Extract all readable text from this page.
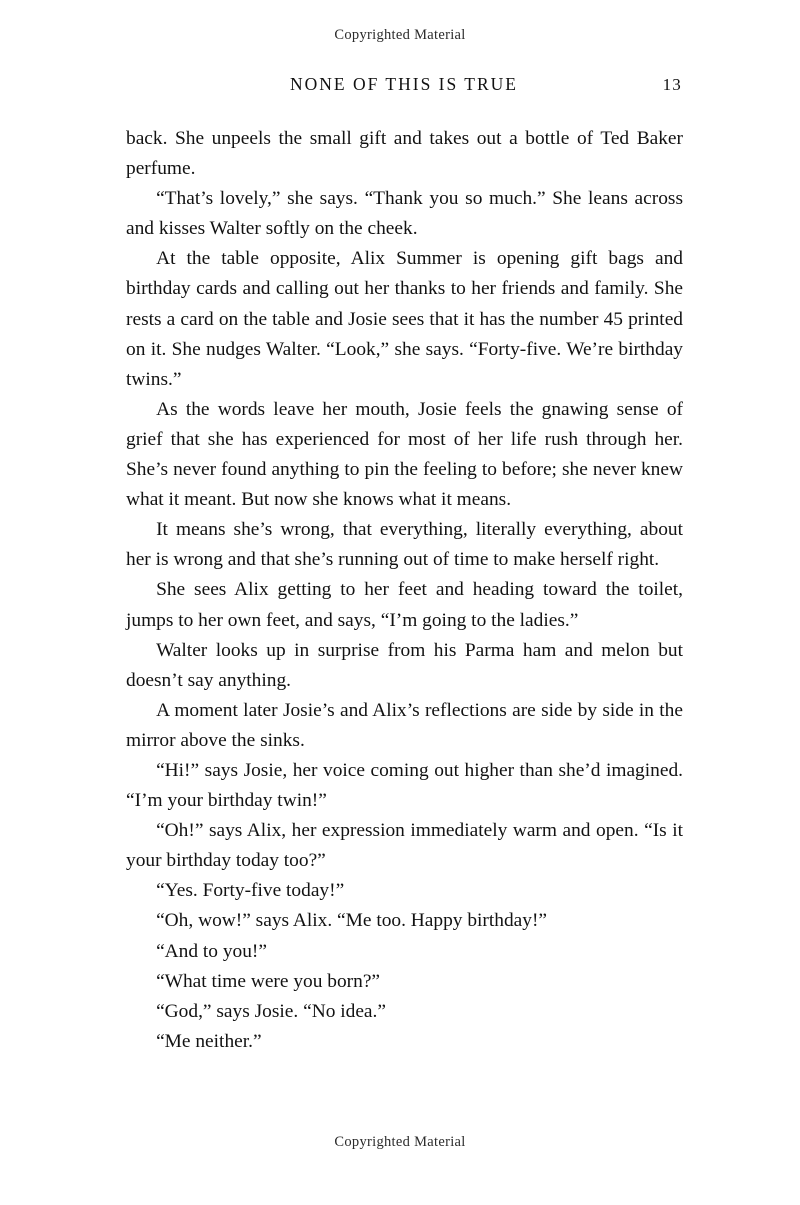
Copyrighted Material
NONE OF THIS IS TRUE	13

back. She unpeels the small gift and takes out a bottle of Ted Baker perfume.

“That’s lovely,” she says. “Thank you so much.” She leans across and kisses Walter softly on the cheek.

At the table opposite, Alix Summer is opening gift bags and birthday cards and calling out her thanks to her friends and family. She rests a card on the table and Josie sees that it has the number 45 printed on it. She nudges Walter. “Look,” she says. “Forty-five. We’re birthday twins.”

As the words leave her mouth, Josie feels the gnawing sense of grief that she has experienced for most of her life rush through her. She’s never found anything to pin the feeling to before; she never knew what it meant. But now she knows what it means.

It means she’s wrong, that everything, literally everything, about her is wrong and that she’s running out of time to make herself right.

She sees Alix getting to her feet and heading toward the toilet, jumps to her own feet, and says, “I’m going to the ladies.”

Walter looks up in surprise from his Parma ham and melon but doesn’t say anything.

A moment later Josie’s and Alix’s reflections are side by side in the mirror above the sinks.

“Hi!” says Josie, her voice coming out higher than she’d imagined. “I’m your birthday twin!”

“Oh!” says Alix, her expression immediately warm and open. “Is it your birthday today too?”

“Yes. Forty-five today!”

“Oh, wow!” says Alix. “Me too. Happy birthday!”

“And to you!”

“What time were you born?”

“God,” says Josie. “No idea.”

“Me neither.”

Copyrighted Material
